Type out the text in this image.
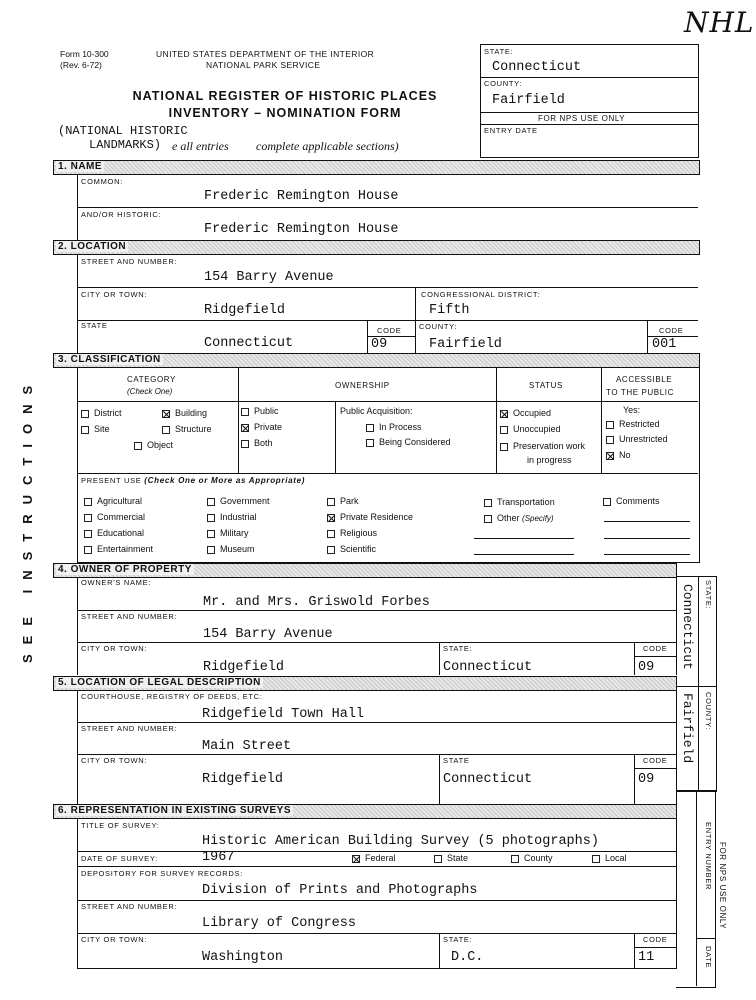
NHL
Form 10-300
(Rev. 6-72)
UNITED STATES DEPARTMENT OF THE INTERIOR
NATIONAL PARK SERVICE
NATIONAL REGISTER OF HISTORIC PLACES
INVENTORY – NOMINATION FORM
(NATIONAL HISTORIC
LANDMARKS) e all entries complete applicable sections)
STATE:
Connecticut
COUNTY:
Fairfield
FOR NPS USE ONLY
ENTRY DATE
SEE INSTRUCTIONS
1. NAME
COMMON:
Frederic Remington House
AND/OR HISTORIC:
Frederic Remington House
2. LOCATION
STREET AND NUMBER:
154 Barry Avenue
CITY OR TOWN:
Ridgefield
CONGRESSIONAL DISTRICT:
Fifth
STATE
Connecticut
CODE
09
COUNTY:
Fairfield
CODE
001
3. CLASSIFICATION
CATEGORY
(Check One)
OWNERSHIP	STATUS
ACCESSIBLE
TO THE PUBLIC
District	Building
Site	Structure
Object
Public
Private
Both
Public Acquisition:
In Process
Being Considered
Occupied
Unoccupied
Preservation work
in progress
Yes:
Restricted
Unrestricted
No
PRESENT USE (Check One or More as Appropriate)
Agricultural
Commercial
Educational
Entertainment
Government
Industrial
Military
Museum
Park
Private Residence
Religious
Scientific
Transportation
Other (Specify)
Comments
4. OWNER OF PROPERTY
OWNER'S NAME:
Mr. and Mrs. Griswold Forbes
STREET AND NUMBER:
154 Barry Avenue
CITY OR TOWN:
Ridgefield
STATE:
Connecticut
CODE
09
5. LOCATION OF LEGAL DESCRIPTION
COURTHOUSE, REGISTRY OF DEEDS, ETC:
Ridgefield Town Hall
STREET AND NUMBER:
Main Street
CITY OR TOWN:
Ridgefield
STATE
Connecticut
CODE
09
Connecticut STATE:
Fairfield COUNTY:
6. REPRESENTATION IN EXISTING SURVEYS
TITLE OF SURVEY:
Historic American Building Survey (5 photographs)
DATE OF SURVEY:	1967	Federal	State	County	Local
DEPOSITORY FOR SURVEY RECORDS:
Division of Prints and Photographs
STREET AND NUMBER:
Library of Congress
CITY OR TOWN:
Washington
STATE:
D.C.
CODE
11
ENTRY NUMBER FOR NPS USE ONLY
DATE
